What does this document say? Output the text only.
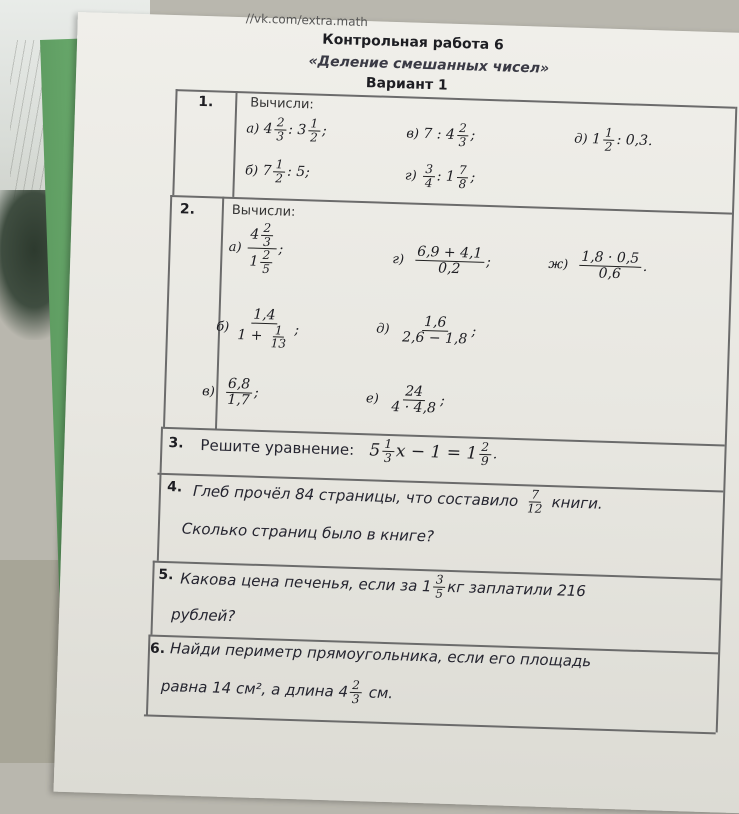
//vk.com/extra.math
Контрольная работа 6
«Деление смешанных чисел»
Вариант 1
1.	Вычисли:
а)
$4 \frac{2}{3}$ :
$3 \frac{1}{2}$ ;	в)
7 : $4 \frac{2}{3}$ ;	д)
$1 \frac{1}{2}$ : 0,3.
б)
$7 \frac{1}{2}$ : 5;	г)
$\frac{3}{4}$ : $1 \frac{7}{8}$ ;
2.	Вычисли:
а)
$\frac{4 \frac{2}{3}}{1 \frac{2}{5}}$ ;
г)
$\frac{6,9 + 4,1}{0,2}$ ;	ж)
$\frac{1,8 \cdot 0,5}{0,6}$ .
б)
1,4
1 +
$\frac{1}{13}$ ;	д)
$\frac{1,6}{2,6 - 1,8}$ ;
в)
$\frac{6,8}{1,7}$ ;	е)
$\frac{24}{4 \cdot 4,8}$ ;
3. Решите уравнение:
$5 \frac{1}{3}$ $x - 1 = 1 \frac{2}{9}$ .
4. Глеб прочёл 84 страницы, что составило
$\frac{7}{12}$
книги.
Сколько страниц было в книге?
5. Какова цена печенья, если за $1 \frac{3}{5}$ кг заплатили 216
рублей?
6. Найди периметр прямоугольника, если его площадь
равна 14 см², а длина $4 \frac{2}{3}$
см.
